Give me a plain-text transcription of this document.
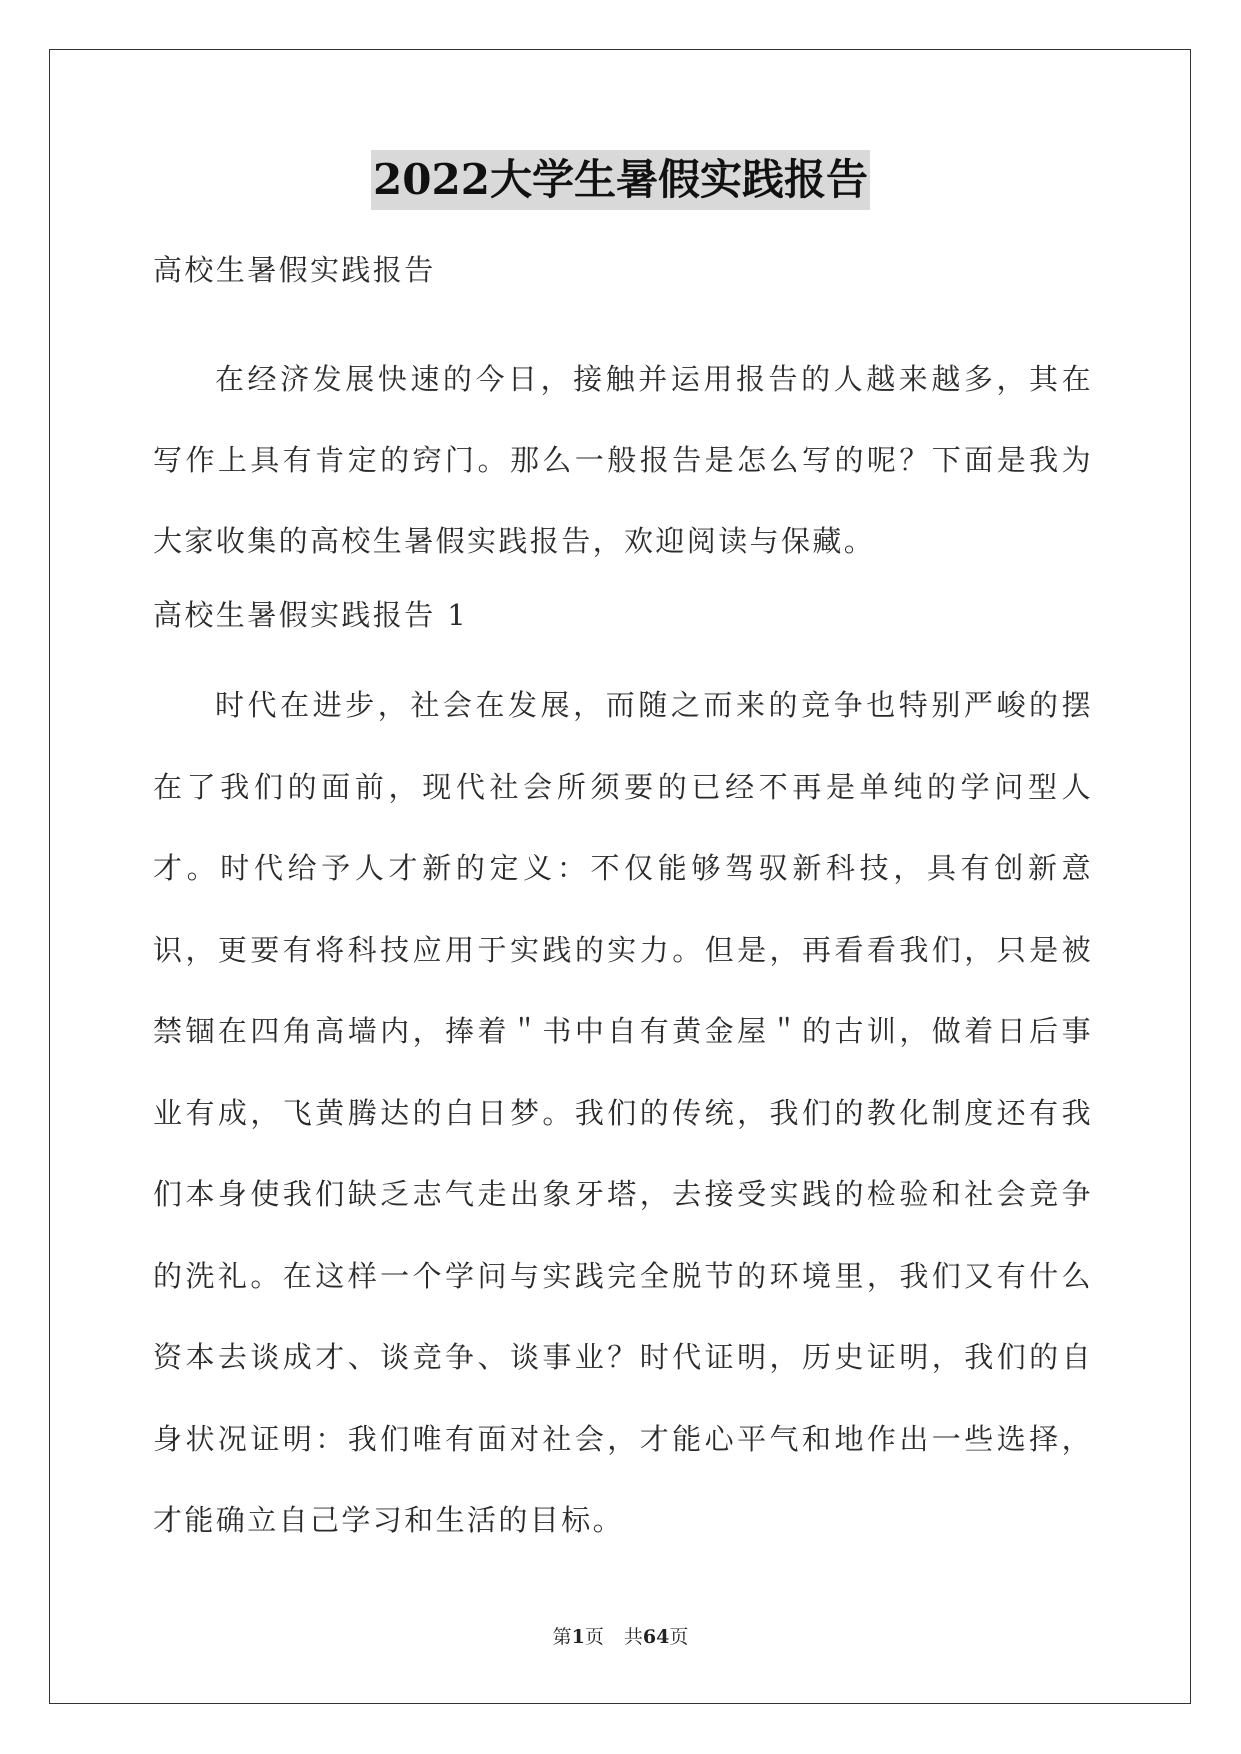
2022大学生暑假实践报告
高校生暑假实践报告
在经济发展快速的今日，接触并运用报告的人越来越多，其在写作上具有肯定的窍门。那么一般报告是怎么写的呢？下面是我为大家收集的高校生暑假实践报告，欢迎阅读与保藏。
高校生暑假实践报告 1
时代在进步，社会在发展，而随之而来的竞争也特别严峻的摆在了我们的面前，现代社会所须要的已经不再是单纯的学问型人才。时代给予人才新的定义：不仅能够驾驭新科技，具有创新意识，更要有将科技应用于实践的实力。但是，再看看我们，只是被禁锢在四角高墙内，捧着＂书中自有黄金屋＂的古训，做着日后事业有成，飞黄腾达的白日梦。我们的传统，我们的教化制度还有我们本身使我们缺乏志气走出象牙塔，去接受实践的检验和社会竞争的洗礼。在这样一个学问与实践完全脱节的环境里，我们又有什么资本去谈成才、谈竞争、谈事业？时代证明，历史证明，我们的自身状况证明：我们唯有面对社会，才能心平气和地作出一些选择，才能确立自己学习和生活的目标。
第1页 共64页
